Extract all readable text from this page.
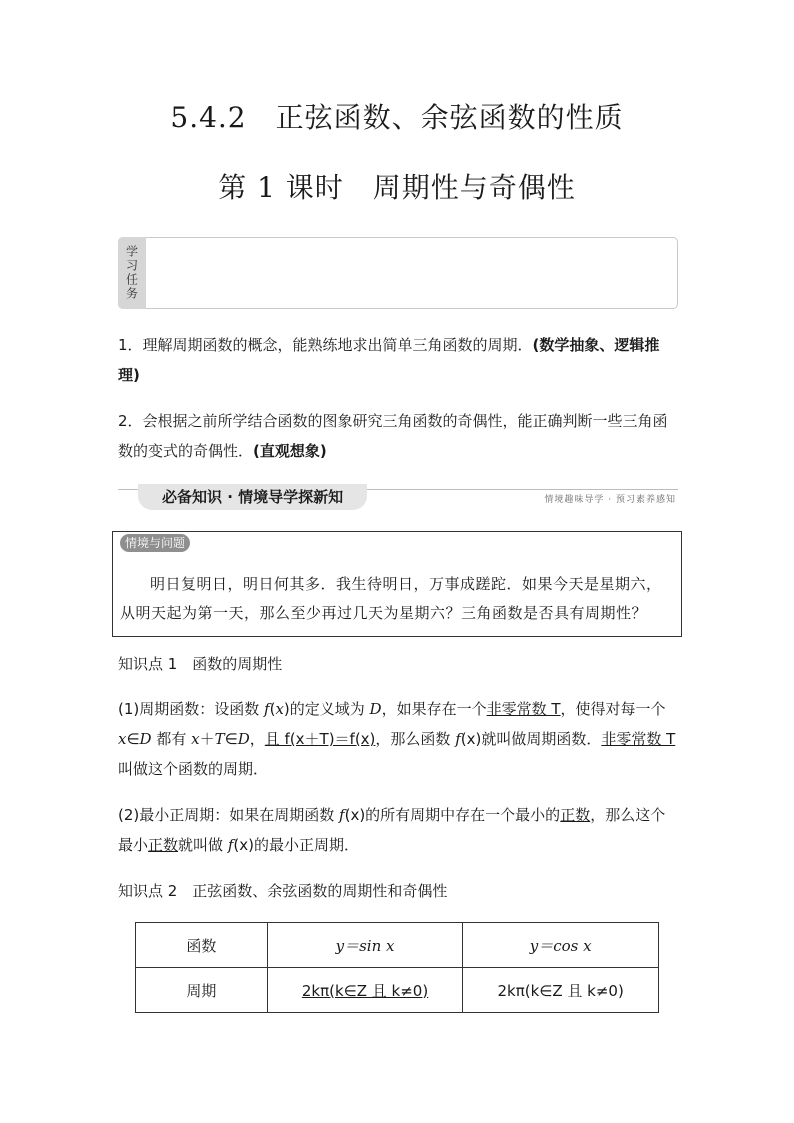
5.4.2　正弦函数、余弦函数的性质
第 1 课时　周期性与奇偶性
学习任务
1．理解周期函数的概念，能熟练地求出简单三角函数的周期．(数学抽象、逻辑推理)
2．会根据之前所学结合函数的图象研究三角函数的奇偶性，能正确判断一些三角函数的变式的奇偶性．(直观想象)
必备知识 · 情境导学探新知	情境趣味导学 · 预习素养感知
情境与问题
明日复明日，明日何其多．我生待明日，万事成蹉跎．如果今天是星期六，从明天起为第一天，那么至少再过几天为星期六？三角函数是否具有周期性？
知识点 1　函数的周期性
(1)周期函数：设函数 f(x)的定义域为 D，如果存在一个非零常数 T，使得对每一个 x∈D 都有 x＋T∈D，且 f(x＋T)＝f(x)，那么函数 f(x)就叫做周期函数．非零常数 T叫做这个函数的周期．
(2)最小正周期：如果在周期函数 f(x)的所有周期中存在一个最小的正数，那么这个最小正数就叫做 f(x)的最小正周期．
知识点 2　正弦函数、余弦函数的周期性和奇偶性
函数	y＝sin x	y＝cos x
周期	2kπ(k∈Z 且 k≠0)	2kπ(k∈Z 且 k≠0)
